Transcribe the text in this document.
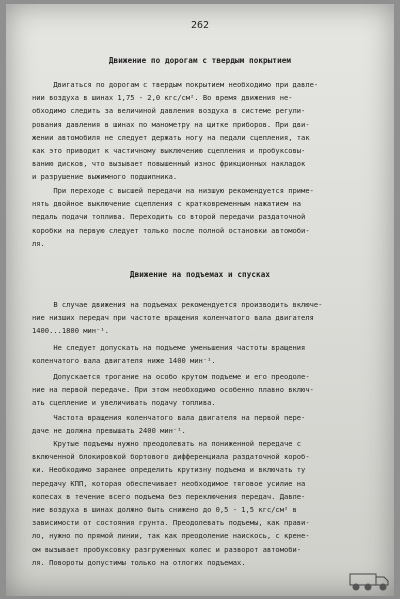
262
Движение по дорогам с твердым покрытием
Двигаться по дорогам с твердым покрытием необходимо при давле-
нии воздуха в шинах 1,75 - 2,0 кгс/см². Во время движения не-
обходимо следить за величиной давления воздуха в системе регули-
рования давления в шинах по манометру на щитке приборов. При дви-
жении автомобиля не следует держать ногу на педали сцепления, так
как это приводит к частичному выключению сцепления и пробуксовы-
ванию дисков, что вызывает повышенный износ фрикционных накладок
и разрушение выжимного подшипника.
При переходе с высшей передачи на низшую рекомендуется приме-
нять двойное выключение сцепления с кратковременным нажатием на
педаль подачи топлива. Переходить со второй передачи раздаточной
коробки на первую следует только после полной остановки автомоби-
ля.
Движение на подъемах и спусках
В случае движения на подъемах рекомендуется производить включе-
ние низших передач при частоте вращения коленчатого вала двигателя
1400...1800 мин⁻¹.
Не следует допускать на подъеме уменьшения частоты вращения
коленчатого вала двигателя ниже 1400 мин⁻¹.
Допускается трогание на особо крутом подъеме и его преодоле-
ние на первой передаче. При этом необходимо особенно плавно включ-
ать сцепление и увеличивать подачу топлива.
Частота вращения коленчатого вала двигателя на первой пере-
даче не должна превышать 2400 мин⁻¹.
Крутые подъемы нужно преодолевать на пониженной передаче с
включенной блокировкой бортового дифференциала раздаточной короб-
ки. Необходимо заранее определить крутизну подъема и включать ту
передачу КПП, которая обеспечивает необходимое тяговое усилие на
колесах в течение всего подъема без переключения передач. Давле-
ние воздуха в шинах должно быть снижено до 0,5 - 1,5 кгс/см² в
зависимости от состояния грунта. Преодолевать подъемы, как прави-
ло, нужно по прямой линии, так как преодоление наискось, с крене-
ом вызывает пробуксовку разгруженных колес и разворот автомоби-
ля. Повороты допустимы только на отлогих подъемах.
